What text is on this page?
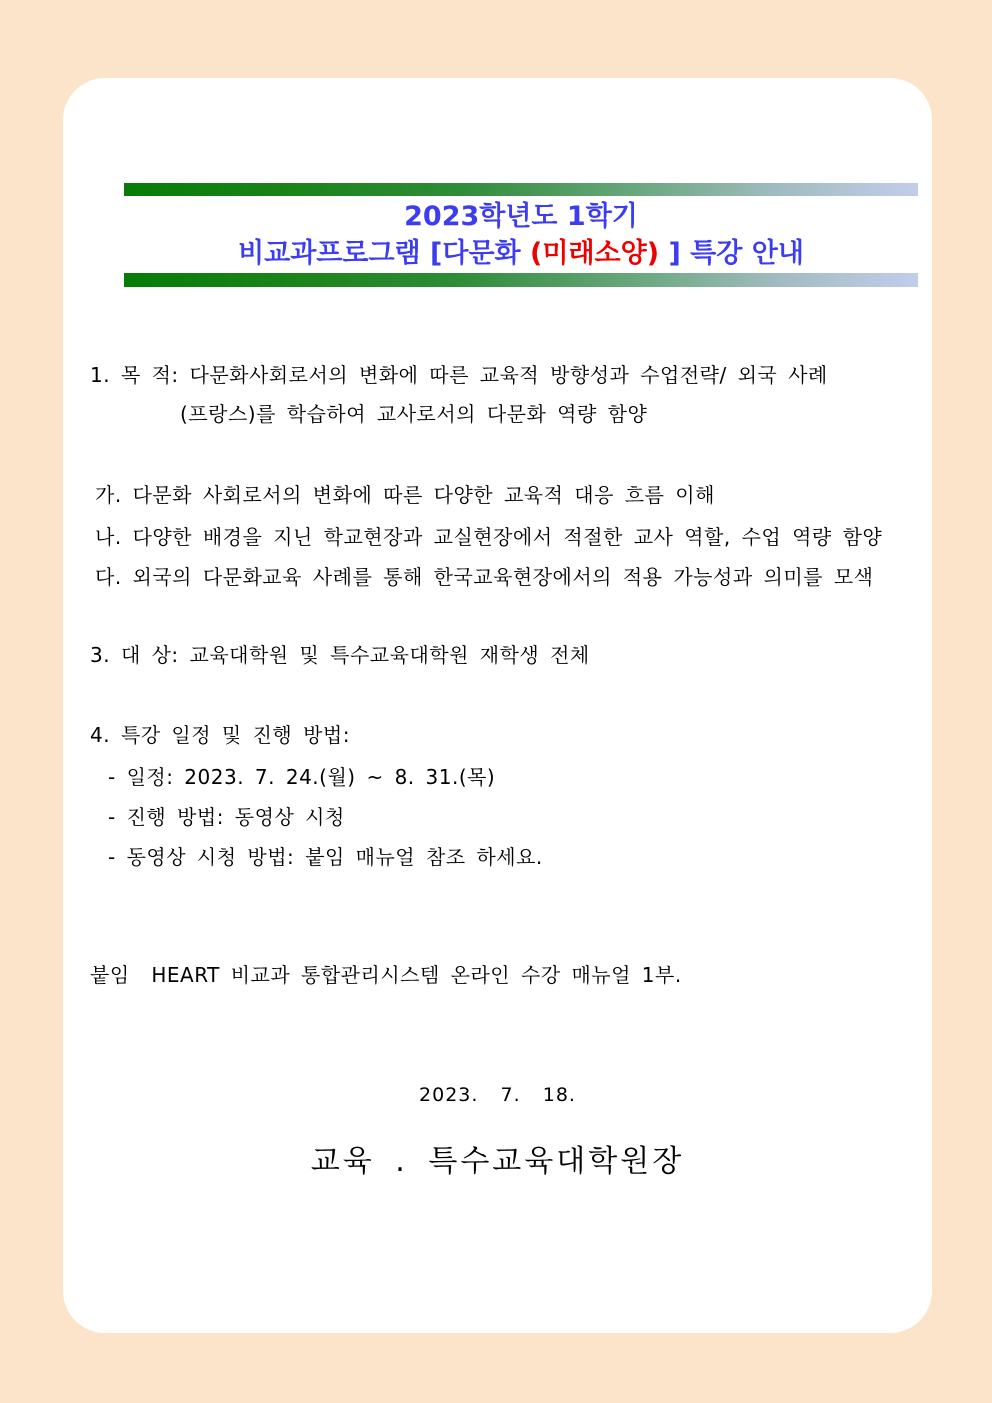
2023학년도 1학기
비교과프로그램 [다문화 (미래소양) ] 특강 안내
1. 목 적: 다문화사회로서의 변화에 따른 교육적 방향성과 수업전략/ 외국 사례
(프랑스)를 학습하여 교사로서의 다문화 역량 함양
가. 다문화 사회로서의 변화에 따른 다양한 교육적 대응 흐름 이해
나. 다양한 배경을 지닌 학교현장과 교실현장에서 적절한 교사 역할, 수업 역량 함양
다. 외국의 다문화교육 사례를 통해 한국교육현장에서의 적용 가능성과 의미를 모색
3. 대 상: 교육대학원 및 특수교육대학원 재학생 전체
4. 특강 일정 및 진행 방법:
- 일정: 2023. 7. 24.(월) ~ 8. 31.(목)
- 진행 방법: 동영상 시청
- 동영상 시청 방법: 붙임 매뉴얼 참조 하세요.
붙임  HEART 비교과 통합관리시스템 온라인 수강 매뉴얼 1부.
2023.  7.  18.
교육 . 특수교육대학원장
